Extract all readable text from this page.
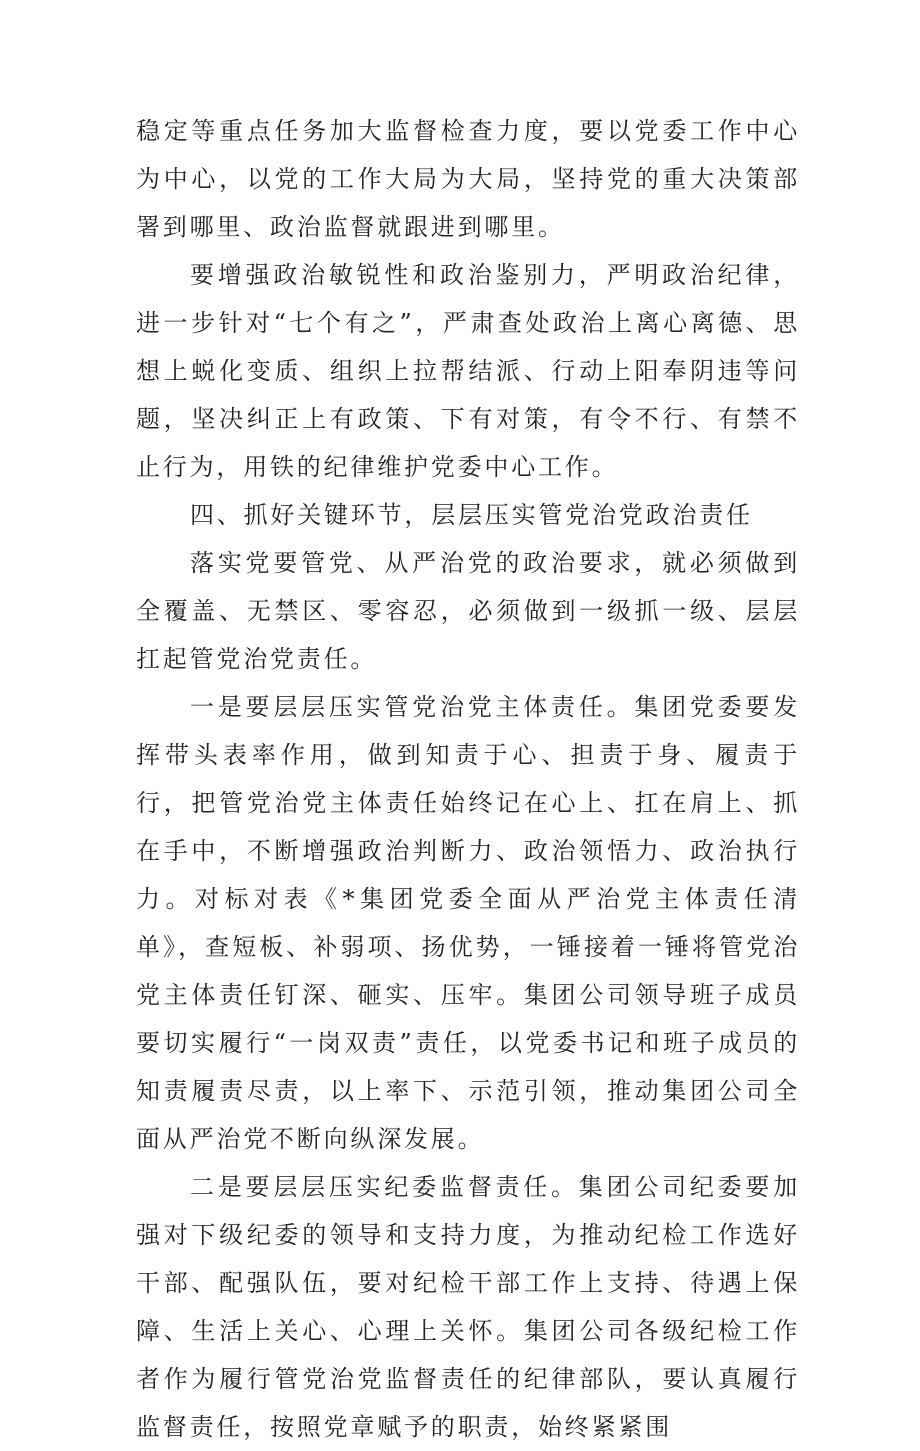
稳定等重点任务加大监督检查力度，要以党委工作中心为中心，以党的工作大局为大局，坚持党的重大决策部署到哪里、政治监督就跟进到哪里。

要增强政治敏锐性和政治鉴别力，严明政治纪律，进一步针对“七个有之”，严肃查处政治上离心离德、思想上蜕化变质、组织上拉帮结派、行动上阳奉阴违等问题，坚决纠正上有政策、下有对策，有令不行、有禁不止行为，用铁的纪律维护党委中心工作。

四、抓好关键环节，层层压实管党治党政治责任

落实党要管党、从严治党的政治要求，就必须做到全覆盖、无禁区、零容忍，必须做到一级抓一级、层层扛起管党治党责任。

一是要层层压实管党治党主体责任。集团党委要发挥带头表率作用，做到知责于心、担责于身、履责于行，把管党治党主体责任始终记在心上、扛在肩上、抓在手中，不断增强政治判断力、政治领悟力、政治执行力。对标对表《*集团党委全面从严治党主体责任清单》，查短板、补弱项、扬优势，一锤接着一锤将管党治党主体责任钉深、砸实、压牢。集团公司领导班子成员要切实履行“一岗双责”责任，以党委书记和班子成员的知责履责尽责，以上率下、示范引领，推动集团公司全面从严治党不断向纵深发展。

二是要层层压实纪委监督责任。集团公司纪委要加强对下级纪委的领导和支持力度，为推动纪检工作选好干部、配强队伍，要对纪检干部工作上支持、待遇上保障、生活上关心、心理上关怀。集团公司各级纪检工作者作为履行管党治党监督责任的纪律部队，要认真履行监督责任，按照党章赋予的职责，始终紧紧围
